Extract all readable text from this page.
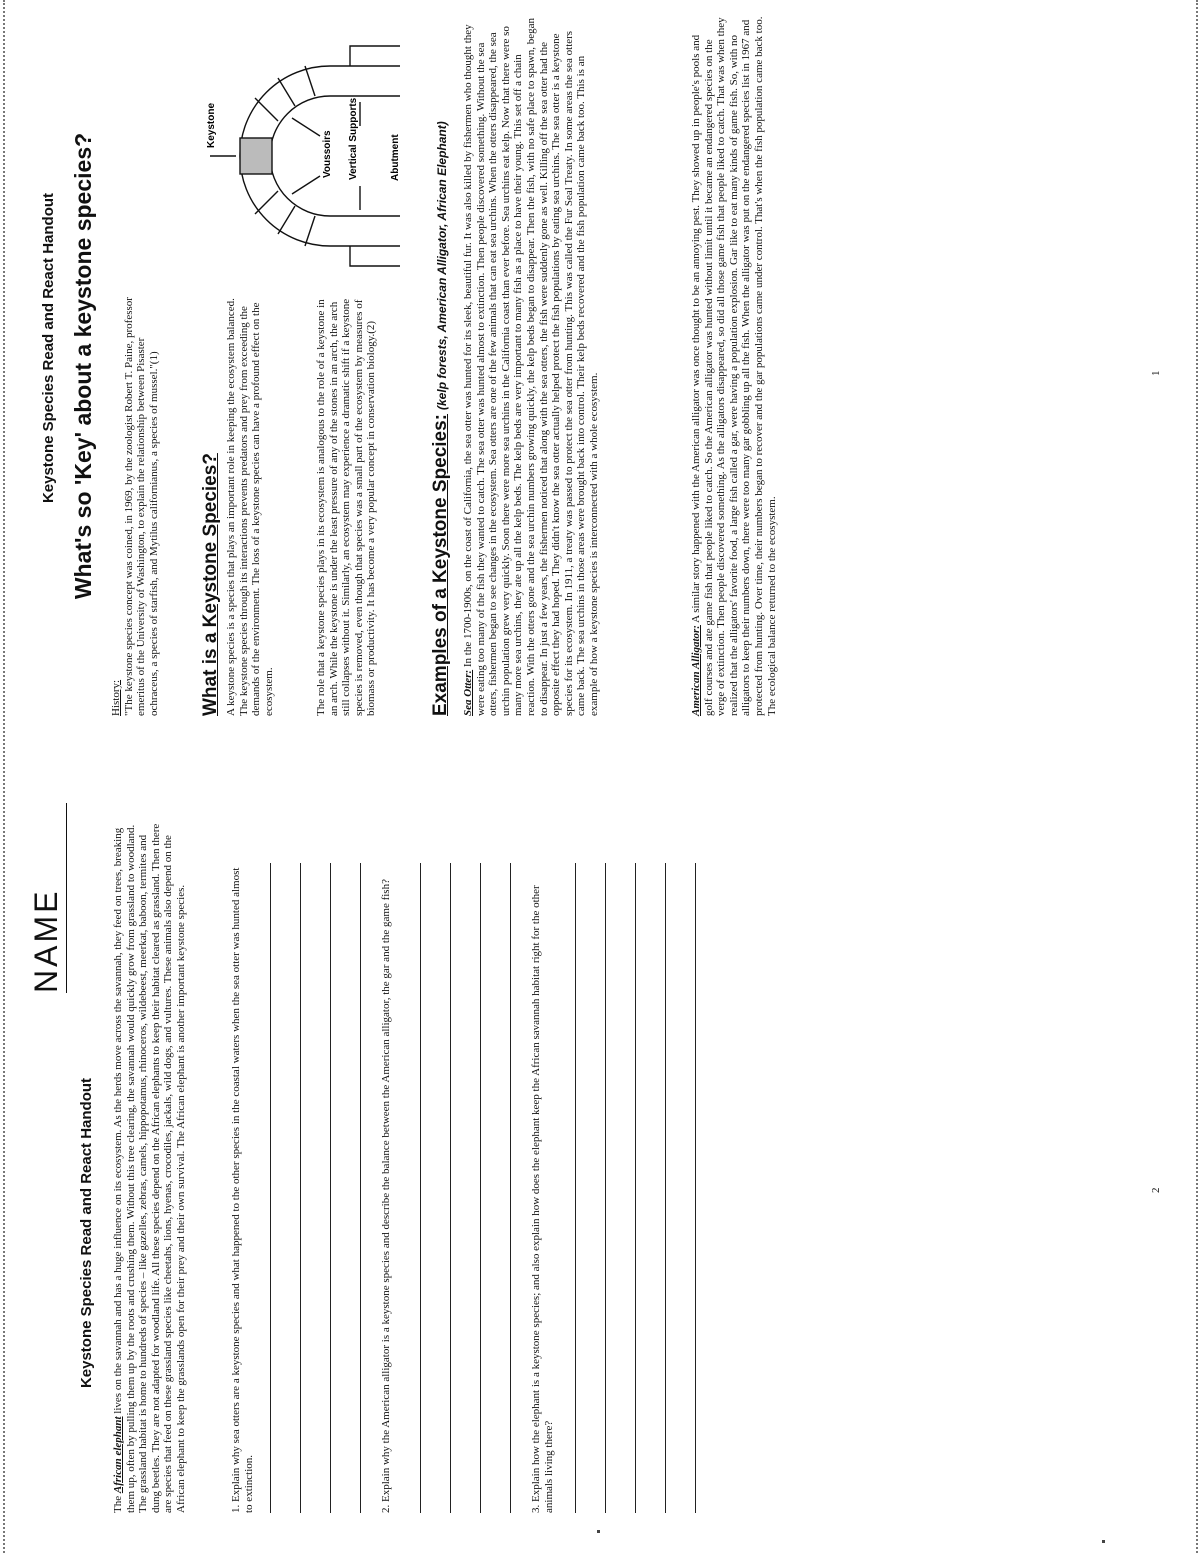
Keystone Species Read and React Handout What's so 'Key' about a keystone species?
History: "The keystone species concept was coined, in 1969, by the zoologist Robert T. Paine, professor emeritus of the University of Washington, to explain the relationship between Pisaster ochraceus, a species of starfish, and Mytilus californianus, a species of mussel."(1) What is a Keystone Species? A keystone species is a species that plays an important role in keeping the ecosystem balanced. The keystone species through its interactions prevents predators and prey from exceeding the demands of the environment. The loss of a keystone species can have a profound effect on the ecosystem.	The role that a keystone species plays in its ecosystem is analogous to the role of a keystone in an arch. While the keystone is under the least pressure of any of the stones in an arch, the arch still collapses without it. Similarly, an ecosystem may experience a dramatic shift if a keystone species is removed, even though that species was a small part of the ecosystem by measures of biomass or productivity. It has become a very popular concept in conservation biology.(2)
Keystone
Voussoirs Vertical Supports	Abutment
Examples of a Keystone Species: (kelp forests, American Alligator, African Elephant)
Sea Otter: In the 1700-1900s, on the coast of California, the sea otter was hunted for its sleek, beautiful fur. It was also killed by fishermen who thought they were eating too many of the fish they wanted to catch. The sea otter was hunted almost to extinction. Then people discovered something. Without the sea otters, fishermen began to see changes in the ecosystem. Sea otters are one of the few animals that can eat sea urchins. When the otters disappeared, the sea urchin population grew very quickly. Soon there were more sea urchins in the California coast than ever before. Sea urchins eat kelp. Now that there were so many more sea urchins, they ate up all the kelp beds. The kelp beds are very important to many fish as a place to have their young. This set off a chain reaction. With the otters gone and the sea urchin numbers growing quickly, the kelp beds began to disappear. Then the fish, with no safe place to spawn, began to disappear. In just a few years, the fishermen noticed that along with the sea otters, the fish were suddenly gone as well. Killing off the sea otter had the opposite effect they had hoped. They didn't know the sea otter actually helped protect the fish populations by eating sea urchins. The sea otter is a keystone species for its ecosystem. In 1911, a treaty was passed to protect the sea otter from hunting. This was called the Fur Seal Treaty. In some areas the sea otters came back. The sea urchins in those areas were brought back into control. Their kelp beds recovered and the fish population came back too. This is an example of how a keystone species is interconnected with a whole ecosystem.	American Alligator: A similar story happened with the American alligator was once thought to be an annoying pest. They showed up in people's pools and golf courses and ate game fish that people liked to catch. So the American alligator was hunted without limit until it became an endangered species on the verge of extinction. Then people discovered something. As the alligators disappeared, so did all those game fish that people liked to catch. That was when they realized that the alligators' favorite food, a large fish called a gar, were having a population explosion. Gar like to eat many kinds of game fish. So, with no alligators to keep their numbers down, there were too many gar gobbling up all the fish. When the alligator was put on the endangered species list in 1967 and protected from hunting. Over time, their numbers began to recover and the gar populations came under control. That's when the fish population came back too. The ecological balance returned to the ecosystem.
1
Keystone Species Read and React Handout
NAME
The African elephant lives on the savannah and has a huge influence on its ecosystem. As the herds move across the savannah, they feed on trees, breaking them up, often by pulling them up by the roots and crushing them. Without this tree clearing, the savannah would quickly grow from grassland to woodland. The grassland habitat is home to hundreds of species – like gazelles, zebras, camels, hippopotamus, rhinoceros, wildebeest, meerkat, baboon, termites and dung beetles. They are not adapted for woodland life. All these species depend on the African elephants to keep their habitat cleared as grassland. Then there are species that feed on these grassland species like cheetahs, lions, hyenas, crocodiles, jackals, wild dogs, and vultures. These animals also depend on the African elephant to keep the grasslands open for their prey and their own survival. The African elephant is another important keystone species.	1. Explain why sea otters are a keystone species and what happened to the other species in the coastal waters when the sea otter was hunted almost to extinction.	2. Explain why the American alligator is a keystone species and describe the balance between the American alligator, the gar and the game fish?	3. Explain how the elephant is a keystone species; and also explain how does the elephant keep the African savannah habitat right for the other animals living there?
2
